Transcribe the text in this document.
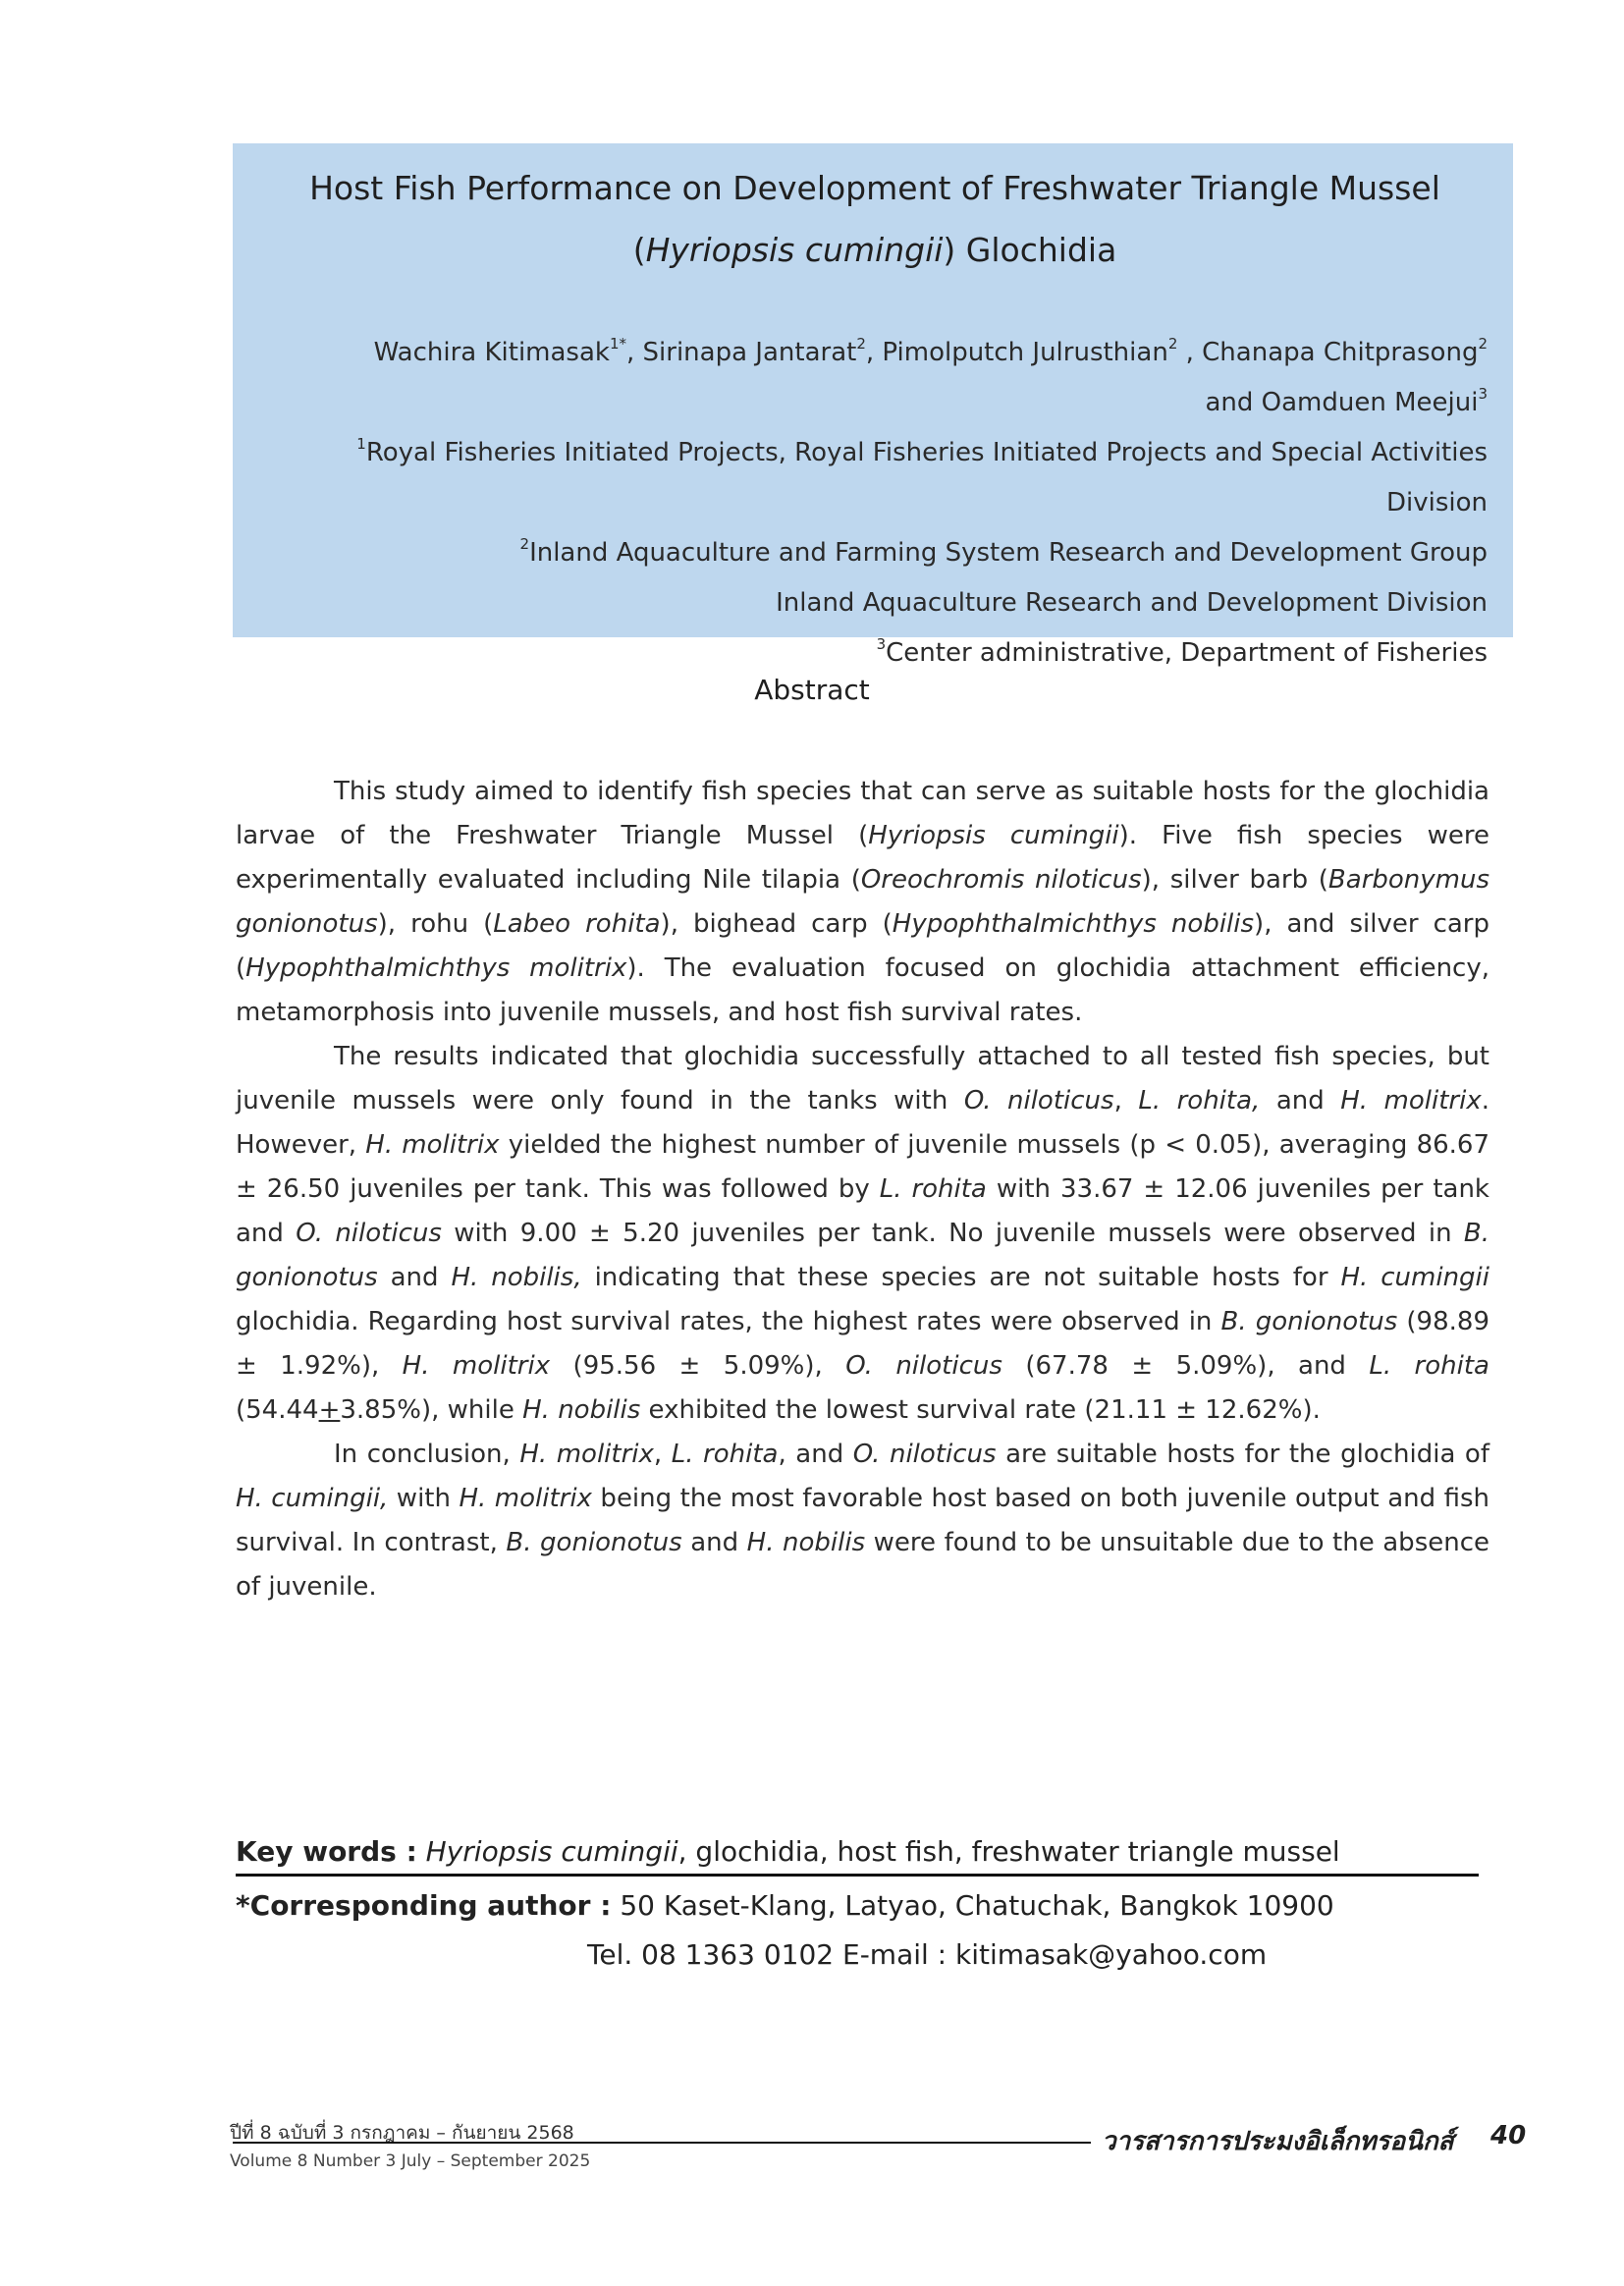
Host Fish Performance on Development of Freshwater Triangle Mussel
(Hyriopsis cumingii) Glochidia

Wachira Kitimasak$^{1*}$, Sirinapa Jantarat$^2$, Pimolputch Julrusthian$^2$ , Chanapa Chitprasong$^2$
and Oamduen Meejui$^3$
$^1$Royal Fisheries Initiated Projects, Royal Fisheries Initiated Projects and Special Activities Division
$^2$Inland Aquaculture and Farming System Research and Development Group
Inland Aquaculture Research and Development Division
$^3$Center administrative, Department of Fisheries
Abstract

This study aimed to identify fish species that can serve as suitable hosts for the glochidia larvae of the Freshwater Triangle Mussel (Hyriopsis cumingii). Five fish species were experimentally evaluated including Nile tilapia (Oreochromis niloticus), silver barb (Barbonymus gonionotus), rohu (Labeo rohita), bighead carp (Hypophthalmichthys nobilis), and silver carp (Hypophthalmichthys molitrix). The evaluation focused on glochidia attachment efficiency, metamorphosis into juvenile mussels, and host fish survival rates.

The results indicated that glochidia successfully attached to all tested fish species, but juvenile mussels were only found in the tanks with O. niloticus, L. rohita, and H. molitrix. However, H. molitrix yielded the highest number of juvenile mussels (p < 0.05), averaging 86.67 ± 26.50 juveniles per tank. This was followed by L. rohita with 33.67 ± 12.06 juveniles per tank and O. niloticus with 9.00 ± 5.20 juveniles per tank. No juvenile mussels were observed in B. gonionotus and H. nobilis, indicating that these species are not suitable hosts for H. cumingii glochidia. Regarding host survival rates, the highest rates were observed in B. gonionotus (98.89 ± 1.92%), H. molitrix (95.56 ± 5.09%), O. niloticus (67.78 ± 5.09%), and L. rohita (54.44+3.85%), while H. nobilis exhibited the lowest survival rate (21.11 ± 12.62%).

In conclusion, H. molitrix, L. rohita, and O. niloticus are suitable hosts for the glochidia of H. cumingii, with H. molitrix being the most favorable host based on both juvenile output and fish survival. In contrast, B. gonionotus and H. nobilis were found to be unsuitable due to the absence of juvenile.

Key words : Hyriopsis cumingii, glochidia, host fish, freshwater triangle mussel
*Corresponding author : 50 Kaset-Klang, Latyao, Chatuchak, Bangkok 10900
Tel. 08 1363 0102 E-mail : kitimasak@yahoo.com
ปีที่ 8 ฉบับที่ 3 กรกฎาคม – กันยายน 2568
Volume 8 Number 3 July – September 2025
วารสารการประมงอิเล็กทรอนิกส์ 40
